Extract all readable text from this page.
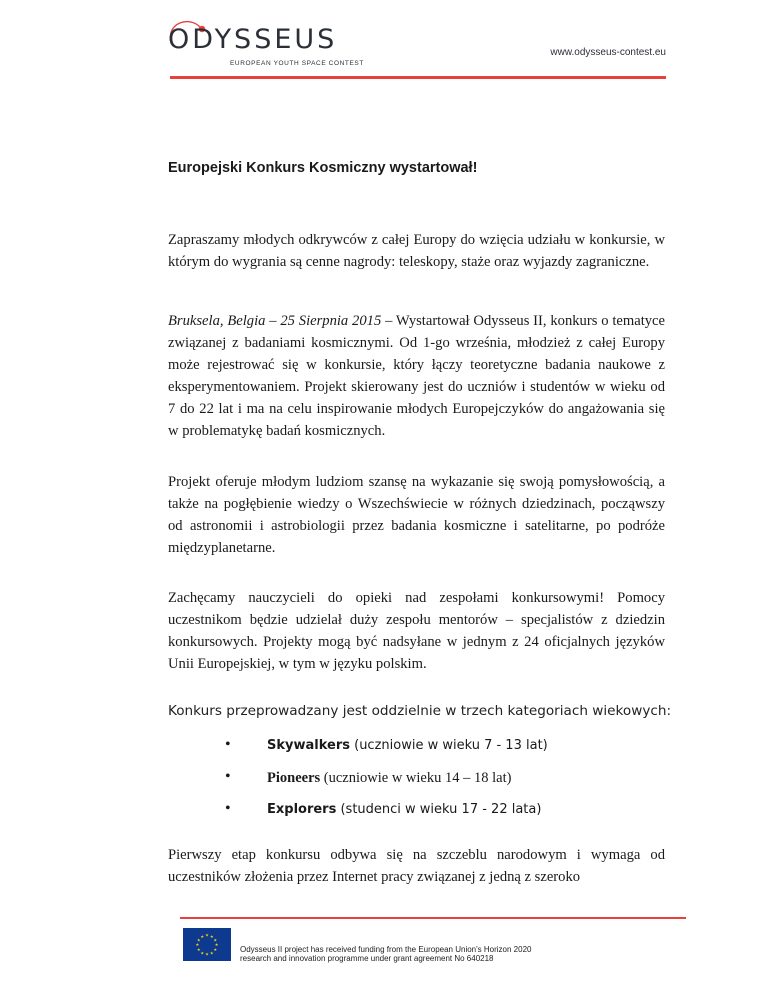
ODYSSEUS
EUROPEAN YOUTH SPACE CONTEST
www.odysseus-contest.eu
Europejski Konkurs Kosmiczny wystartował!
Zapraszamy młodych odkrywców z całej Europy do wzięcia udziału w konkursie, w którym do wygrania są cenne nagrody: teleskopy, staże oraz wyjazdy zagraniczne.
Bruksela, Belgia – 25 Sierpnia 2015 – Wystartował Odysseus II, konkurs o tematyce związanej z badaniami kosmicznymi. Od 1-go września, młodzież z całej Europy może rejestrować się w konkursie, który łączy teoretyczne badania naukowe z eksperymentowaniem. Projekt skierowany jest do uczniów i studentów w wieku od 7 do 22 lat i ma na celu inspirowanie młodych Europejczyków do angażowania się w problematykę badań kosmicznych.
Projekt oferuje młodym ludziom szansę na wykazanie się swoją pomysłowością, a także na pogłębienie wiedzy o Wszechświecie w różnych dziedzinach, począwszy od astronomii i astrobiologii przez badania kosmiczne i satelitarne, po podróże międzyplanetarne.
Zachęcamy nauczycieli do opieki nad zespołami konkursowymi! Pomocy uczestnikom będzie udzielał duży zespołu mentorów – specjalistów z dziedzin konkursowych. Projekty mogą być nadsyłane w jednym z 24 oficjalnych języków Unii Europejskiej, w tym w języku polskim.
Konkurs przeprowadzany jest oddzielnie w trzech kategoriach wiekowych:
•	Skywalkers (uczniowie w wieku 7 - 13 lat)
•	Pioneers (uczniowie w wieku 14 – 18 lat)
•	Explorers (studenci w wieku 17 - 22 lata)
Pierwszy etap konkursu odbywa się na szczeblu narodowym i wymaga od uczestników złożenia przez Internet pracy związanej z jedną z szeroko
★ ★
★
★
★
★
★
★
★
★
★
★
Odysseus II project has received funding from the European Union's Horizon 2020
research and innovation programme under grant agreement No 640218
